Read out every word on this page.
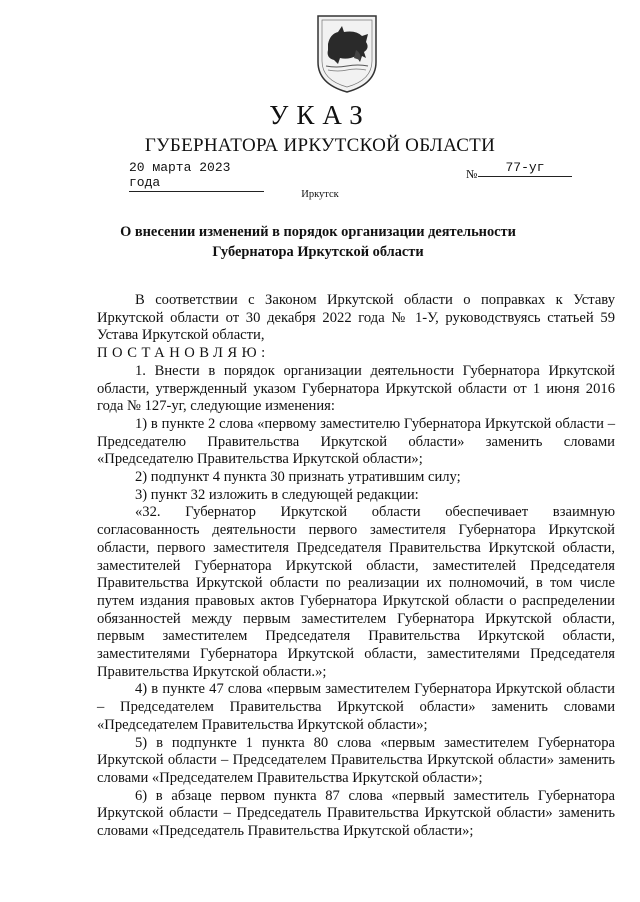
УКАЗ
ГУБЕРНАТОРА ИРКУТСКОЙ ОБЛАСТИ
20 марта 2023 года
№	77-уг
Иркутск
О внесении изменений в порядок организации деятельности Губернатора Иркутской области

В соответствии с Законом Иркутской области о поправках к Уставу Иркутской области от 30 декабря 2022 года № 1-У, руководствуясь статьей 59 Устава Иркутской области,

ПОСТАНОВЛЯЮ:

1. Внести в порядок организации деятельности Губернатора Иркутской области, утвержденный указом Губернатора Иркутской области от 1 июня 2016 года № 127-уг, следующие изменения:

1) в пункте 2 слова «первому заместителю Губернатора Иркутской области – Председателю Правительства Иркутской области» заменить словами «Председателю Правительства Иркутской области»;

2) подпункт 4 пункта 30 признать утратившим силу;

3) пункт 32 изложить в следующей редакции:

«32. Губернатор Иркутской области обеспечивает взаимную согласованность деятельности первого заместителя Губернатора Иркутской области, первого заместителя Председателя Правительства Иркутской области, заместителей Губернатора Иркутской области, заместителей Председателя Правительства Иркутской области по реализации их полномочий, в том числе путем издания правовых актов Губернатора Иркутской области о распределении обязанностей между первым заместителем Губернатора Иркутской области, первым заместителем Председателя Правительства Иркутской области, заместителями Губернатора Иркутской области, заместителями Председателя Правительства Иркутской области.»;

4) в пункте 47 слова «первым заместителем Губернатора Иркутской области – Председателем Правительства Иркутской области» заменить словами «Председателем Правительства Иркутской области»;

5) в подпункте 1 пункта 80 слова «первым заместителем Губернатора Иркутской области – Председателем Правительства Иркутской области» заменить словами «Председателем Правительства Иркутской области»;

6) в абзаце первом пункта 87 слова «первый заместитель Губернатора Иркутской области – Председатель Правительства Иркутской области» заменить словами «Председатель Правительства Иркутской области»;
